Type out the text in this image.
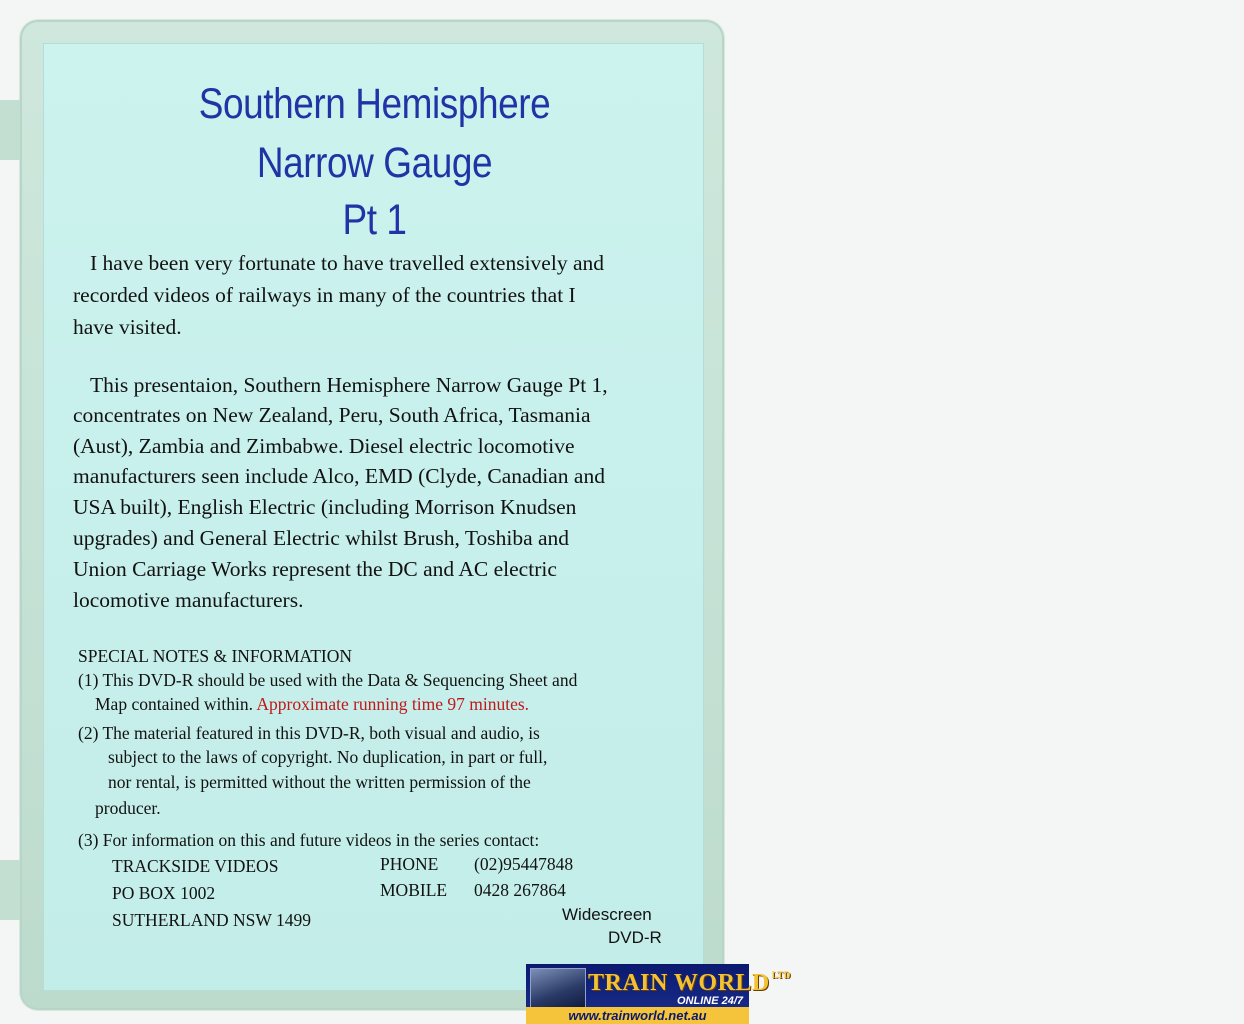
Southern Hemisphere
Narrow Gauge
Pt 1
I have been very fortunate to have travelled extensively and
recorded videos of railways in many of the countries that I
have visited.
This presentaion, Southern Hemisphere Narrow Gauge Pt 1,
concentrates on New Zealand, Peru, South Africa, Tasmania
(Aust), Zambia and Zimbabwe. Diesel electric locomotive
manufacturers seen include Alco, EMD (Clyde, Canadian and
USA built), English Electric (including Morrison Knudsen
upgrades) and General Electric whilst Brush, Toshiba and
Union Carriage Works represent the DC and AC electric
locomotive manufacturers.
SPECIAL NOTES & INFORMATION
(1) This DVD-R should be used with the Data & Sequencing Sheet and
Map contained within. Approximate running time 97 minutes.
(2) The material featured in this DVD-R, both visual and audio, is
subject to the laws of copyright. No duplication, in part or full,
nor rental, is permitted without the written permission of the
producer.
(3) For information on this and future videos in the series contact:
TRACKSIDE VIDEOS
PO BOX 1002
SUTHERLAND NSW 1499
PHONE	(02)95447848
MOBILE	0428 267864
Widescreen
DVD-R
TRAIN WORLD $^{LTD}$
ONLINE 24/7
www.trainworld.net.au
